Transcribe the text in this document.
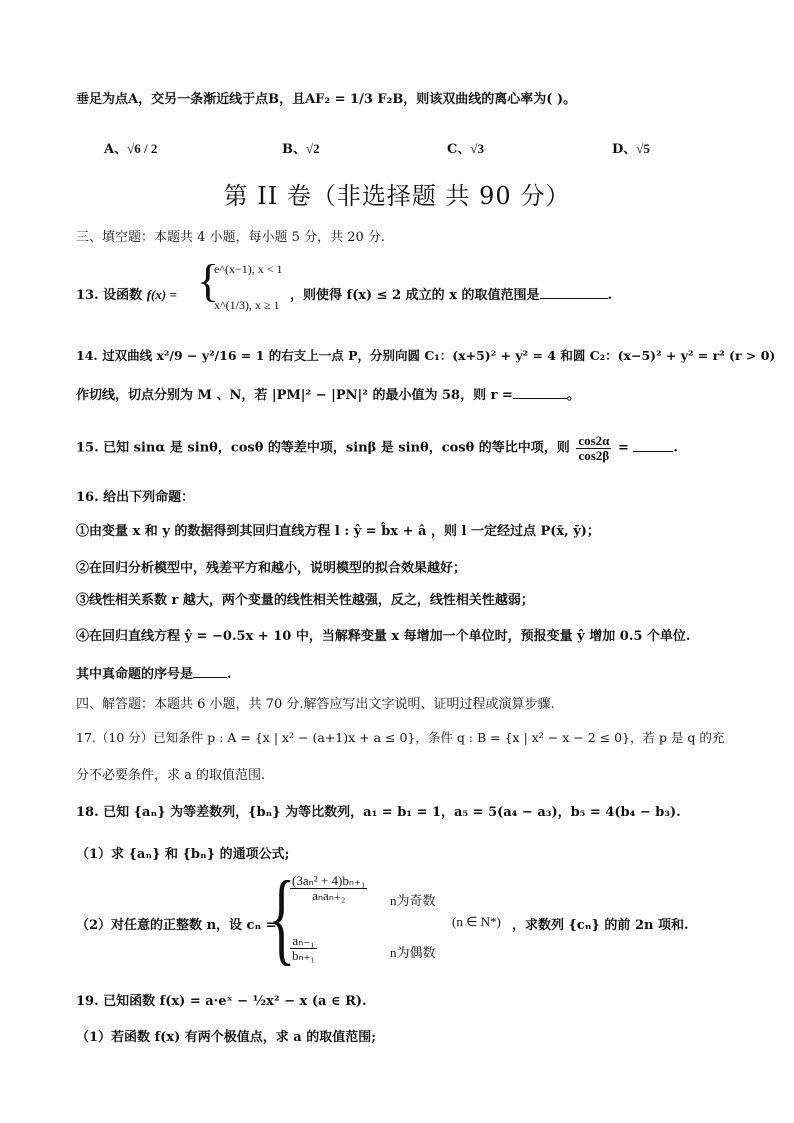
垂足为点A，交另一条渐近线于点B，且AF₂ = 1/3 F₂B，则该双曲线的离心率为( )。
A、√6 / 2	B、√2	C、√3	D、√5
第 II 卷（非选择题 共 90 分）
三、填空题：本题共 4 小题，每小题 5 分，共 20 分.
13. 设函数 f(x) = {
e^(x−1), x < 1
x^(1/3), x ≥ 1
，则使得 f(x) ≤ 2 成立的 x 的取值范围是	.
14. 过双曲线 x²/9 − y²/16 = 1 的右支上一点 P，分别向圆 C₁：(x+5)² + y² = 4 和圆 C₂：(x−5)² + y² = r² (r > 0)
作切线，切点分别为 M 、N，若 |PM|² − |PN|² 的最小值为 58，则 r =	。
15. 已知 sinα 是 sinθ，cosθ 的等差中项，sinβ 是 sinθ，cosθ 的等比中项，则 $\frac{\cos 2\alpha}{\cos 2\beta}$ =	.
16. 给出下列命题：
①由变量 x 和 y 的数据得到其回归直线方程 l : ŷ = b̂x + â ，则 l 一定经过点 P(x̄, ȳ)；
②在回归分析模型中，残差平方和越小，说明模型的拟合效果越好；
③线性相关系数 r 越大，两个变量的线性相关性越强，反之，线性相关性越弱；
④在回归直线方程 ŷ = −0.5x + 10 中，当解释变量 x 每增加一个单位时，预报变量 ŷ 增加 0.5 个单位.
其中真命题的序号是	.
四、解答题：本题共 6 小题，共 70 分.解答应写出文字说明、证明过程或演算步骤.
17.（10 分）已知条件 p : A = {x | x² − (a+1)x + a ≤ 0}，条件 q : B = {x | x² − x − 2 ≤ 0}，若 p 是 q 的充
分不必要条件，求 a 的取值范围.
18. 已知 {aₙ} 为等差数列，{bₙ} 为等比数列，a₁ = b₁ = 1，a₅ = 5(a₄ − a₃)，b₅ = 4(b₄ − b₃).
（1）求 {aₙ} 和 {bₙ} 的通项公式;
（2）对任意的正整数 n，设 cₙ =
{
$\frac{\text{(3aₙ² + 4)bₙ₊₁}}{\text{aₙaₙ₊₂}}$ n为奇数
$\frac{\text{aₙ₋₁}}{\text{bₙ₊₁}}$	n为偶数
(n ∈ N*) ，求数列 {cₙ} 的前 2n 项和.
19. 已知函数 f(x) = a·eˣ − ½x² − x (a ∈ R).
（1）若函数 f(x) 有两个极值点，求 a 的取值范围;
